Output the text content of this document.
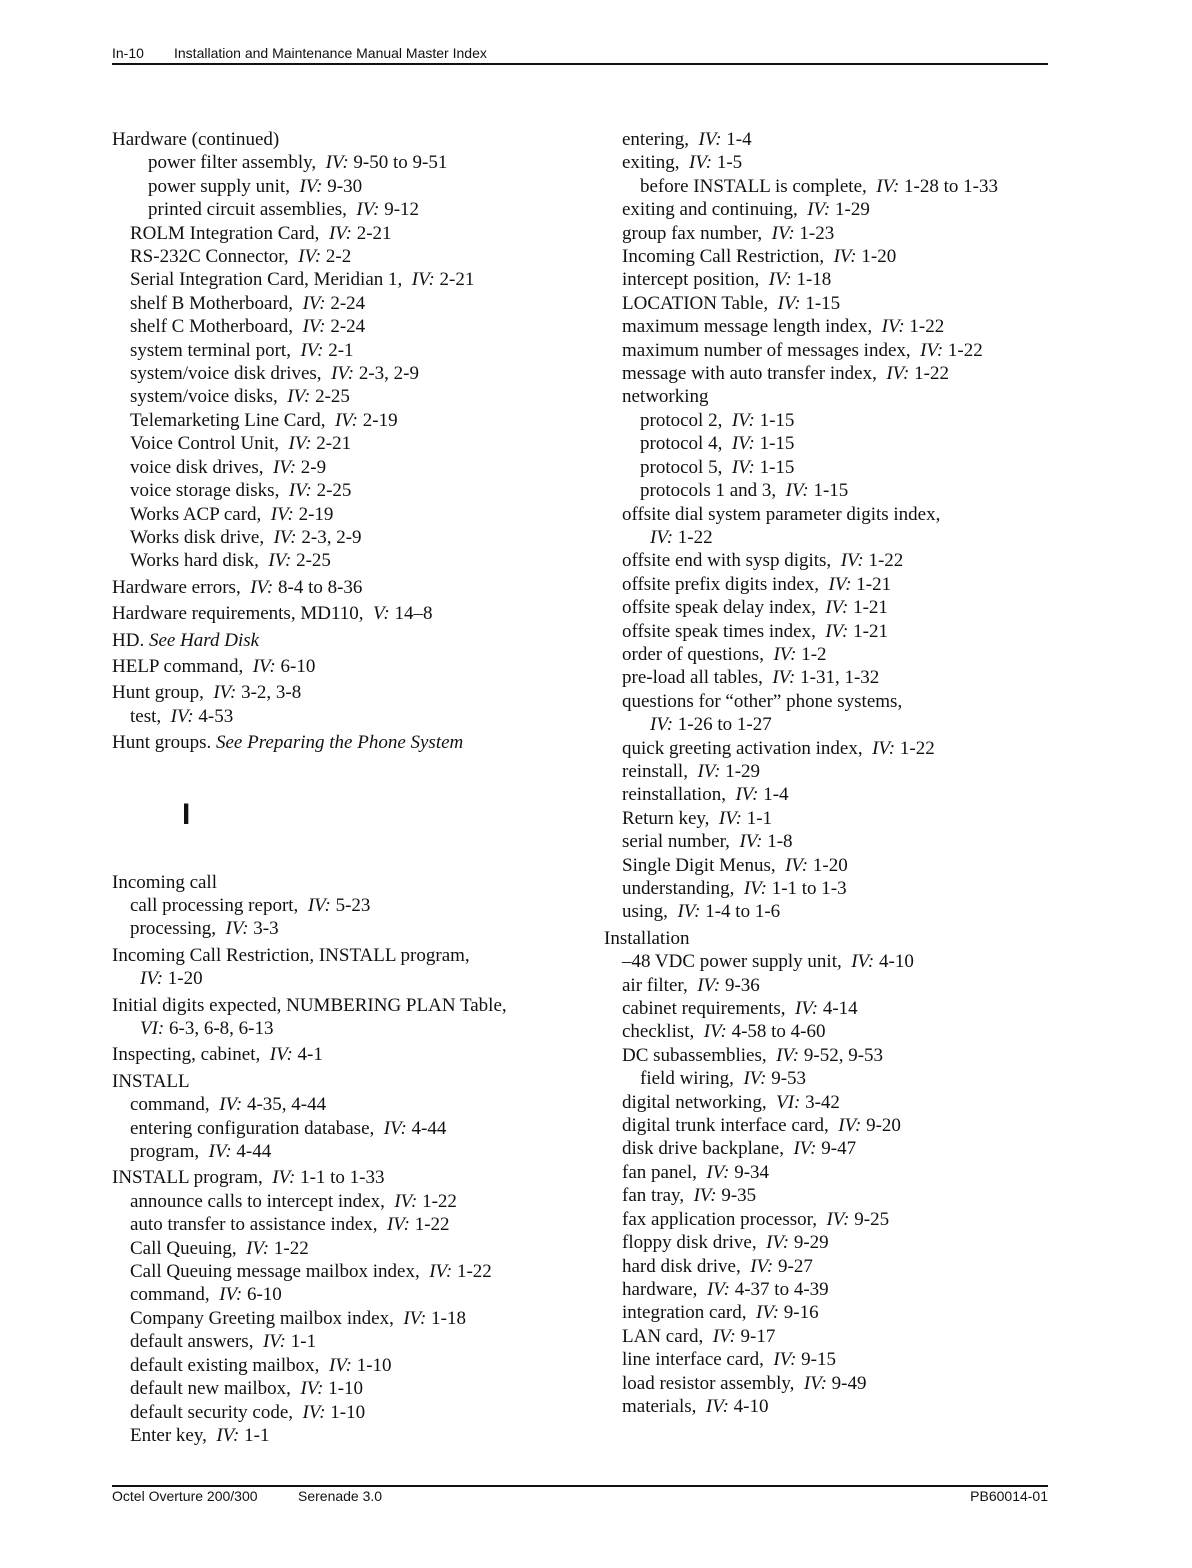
In-10 Installation and Maintenance Manual Master Index
Hardware (continued)
power filter assembly, IV: 9-50 to 9-51
power supply unit, IV: 9-30
printed circuit assemblies, IV: 9-12
ROLM Integration Card, IV: 2-21
RS-232C Connector, IV: 2-2
Serial Integration Card, Meridian 1, IV: 2-21
shelf B Motherboard, IV: 2-24
shelf C Motherboard, IV: 2-24
system terminal port, IV: 2-1
system/voice disk drives, IV: 2-3, 2-9
system/voice disks, IV: 2-25
Telemarketing Line Card, IV: 2-19
Voice Control Unit, IV: 2-21
voice disk drives, IV: 2-9
voice storage disks, IV: 2-25
Works ACP card, IV: 2-19
Works disk drive, IV: 2-3, 2-9
Works hard disk, IV: 2-25
Hardware errors, IV: 8-4 to 8-36
Hardware requirements, MD110, V: 14–8
HD. See Hard Disk
HELP command, IV: 6-10
Hunt group, IV: 3-2, 3-8
test, IV: 4-53
Hunt groups. See Preparing the Phone System
I
Incoming call
call processing report, IV: 5-23
processing, IV: 3-3
Incoming Call Restriction, INSTALL program,
IV: 1-20
Initial digits expected, NUMBERING PLAN Table,
VI: 6-3, 6-8, 6-13
Inspecting, cabinet, IV: 4-1
INSTALL
command, IV: 4-35, 4-44
entering configuration database, IV: 4-44
program, IV: 4-44
INSTALL program, IV: 1-1 to 1-33
announce calls to intercept index, IV: 1-22
auto transfer to assistance index, IV: 1-22
Call Queuing, IV: 1-22
Call Queuing message mailbox index, IV: 1-22
command, IV: 6-10
Company Greeting mailbox index, IV: 1-18
default answers, IV: 1-1
default existing mailbox, IV: 1-10
default new mailbox, IV: 1-10
default security code, IV: 1-10
Enter key, IV: 1-1
entering, IV: 1-4
exiting, IV: 1-5
before INSTALL is complete, IV: 1-28 to 1-33
exiting and continuing, IV: 1-29
group fax number, IV: 1-23
Incoming Call Restriction, IV: 1-20
intercept position, IV: 1-18
LOCATION Table, IV: 1-15
maximum message length index, IV: 1-22
maximum number of messages index, IV: 1-22
message with auto transfer index, IV: 1-22
networking
protocol 2, IV: 1-15
protocol 4, IV: 1-15
protocol 5, IV: 1-15
protocols 1 and 3, IV: 1-15
offsite dial system parameter digits index,
IV: 1-22
offsite end with sysp digits, IV: 1-22
offsite prefix digits index, IV: 1-21
offsite speak delay index, IV: 1-21
offsite speak times index, IV: 1-21
order of questions, IV: 1-2
pre-load all tables, IV: 1-31, 1-32
questions for “other” phone systems,
IV: 1-26 to 1-27
quick greeting activation index, IV: 1-22
reinstall, IV: 1-29
reinstallation, IV: 1-4
Return key, IV: 1-1
serial number, IV: 1-8
Single Digit Menus, IV: 1-20
understanding, IV: 1-1 to 1-3
using, IV: 1-4 to 1-6
Installation
–48 VDC power supply unit, IV: 4-10
air filter, IV: 9-36
cabinet requirements, IV: 4-14
checklist, IV: 4-58 to 4-60
DC subassemblies, IV: 9-52, 9-53
field wiring, IV: 9-53
digital networking, VI: 3-42
digital trunk interface card, IV: 9-20
disk drive backplane, IV: 9-47
fan panel, IV: 9-34
fan tray, IV: 9-35
fax application processor, IV: 9-25
floppy disk drive, IV: 9-29
hard disk drive, IV: 9-27
hardware, IV: 4-37 to 4-39
integration card, IV: 9-16
LAN card, IV: 9-17
line interface card, IV: 9-15
load resistor assembly, IV: 9-49
materials, IV: 4-10
Octel Overture 200/300	Serenade 3.0	PB60014-01
